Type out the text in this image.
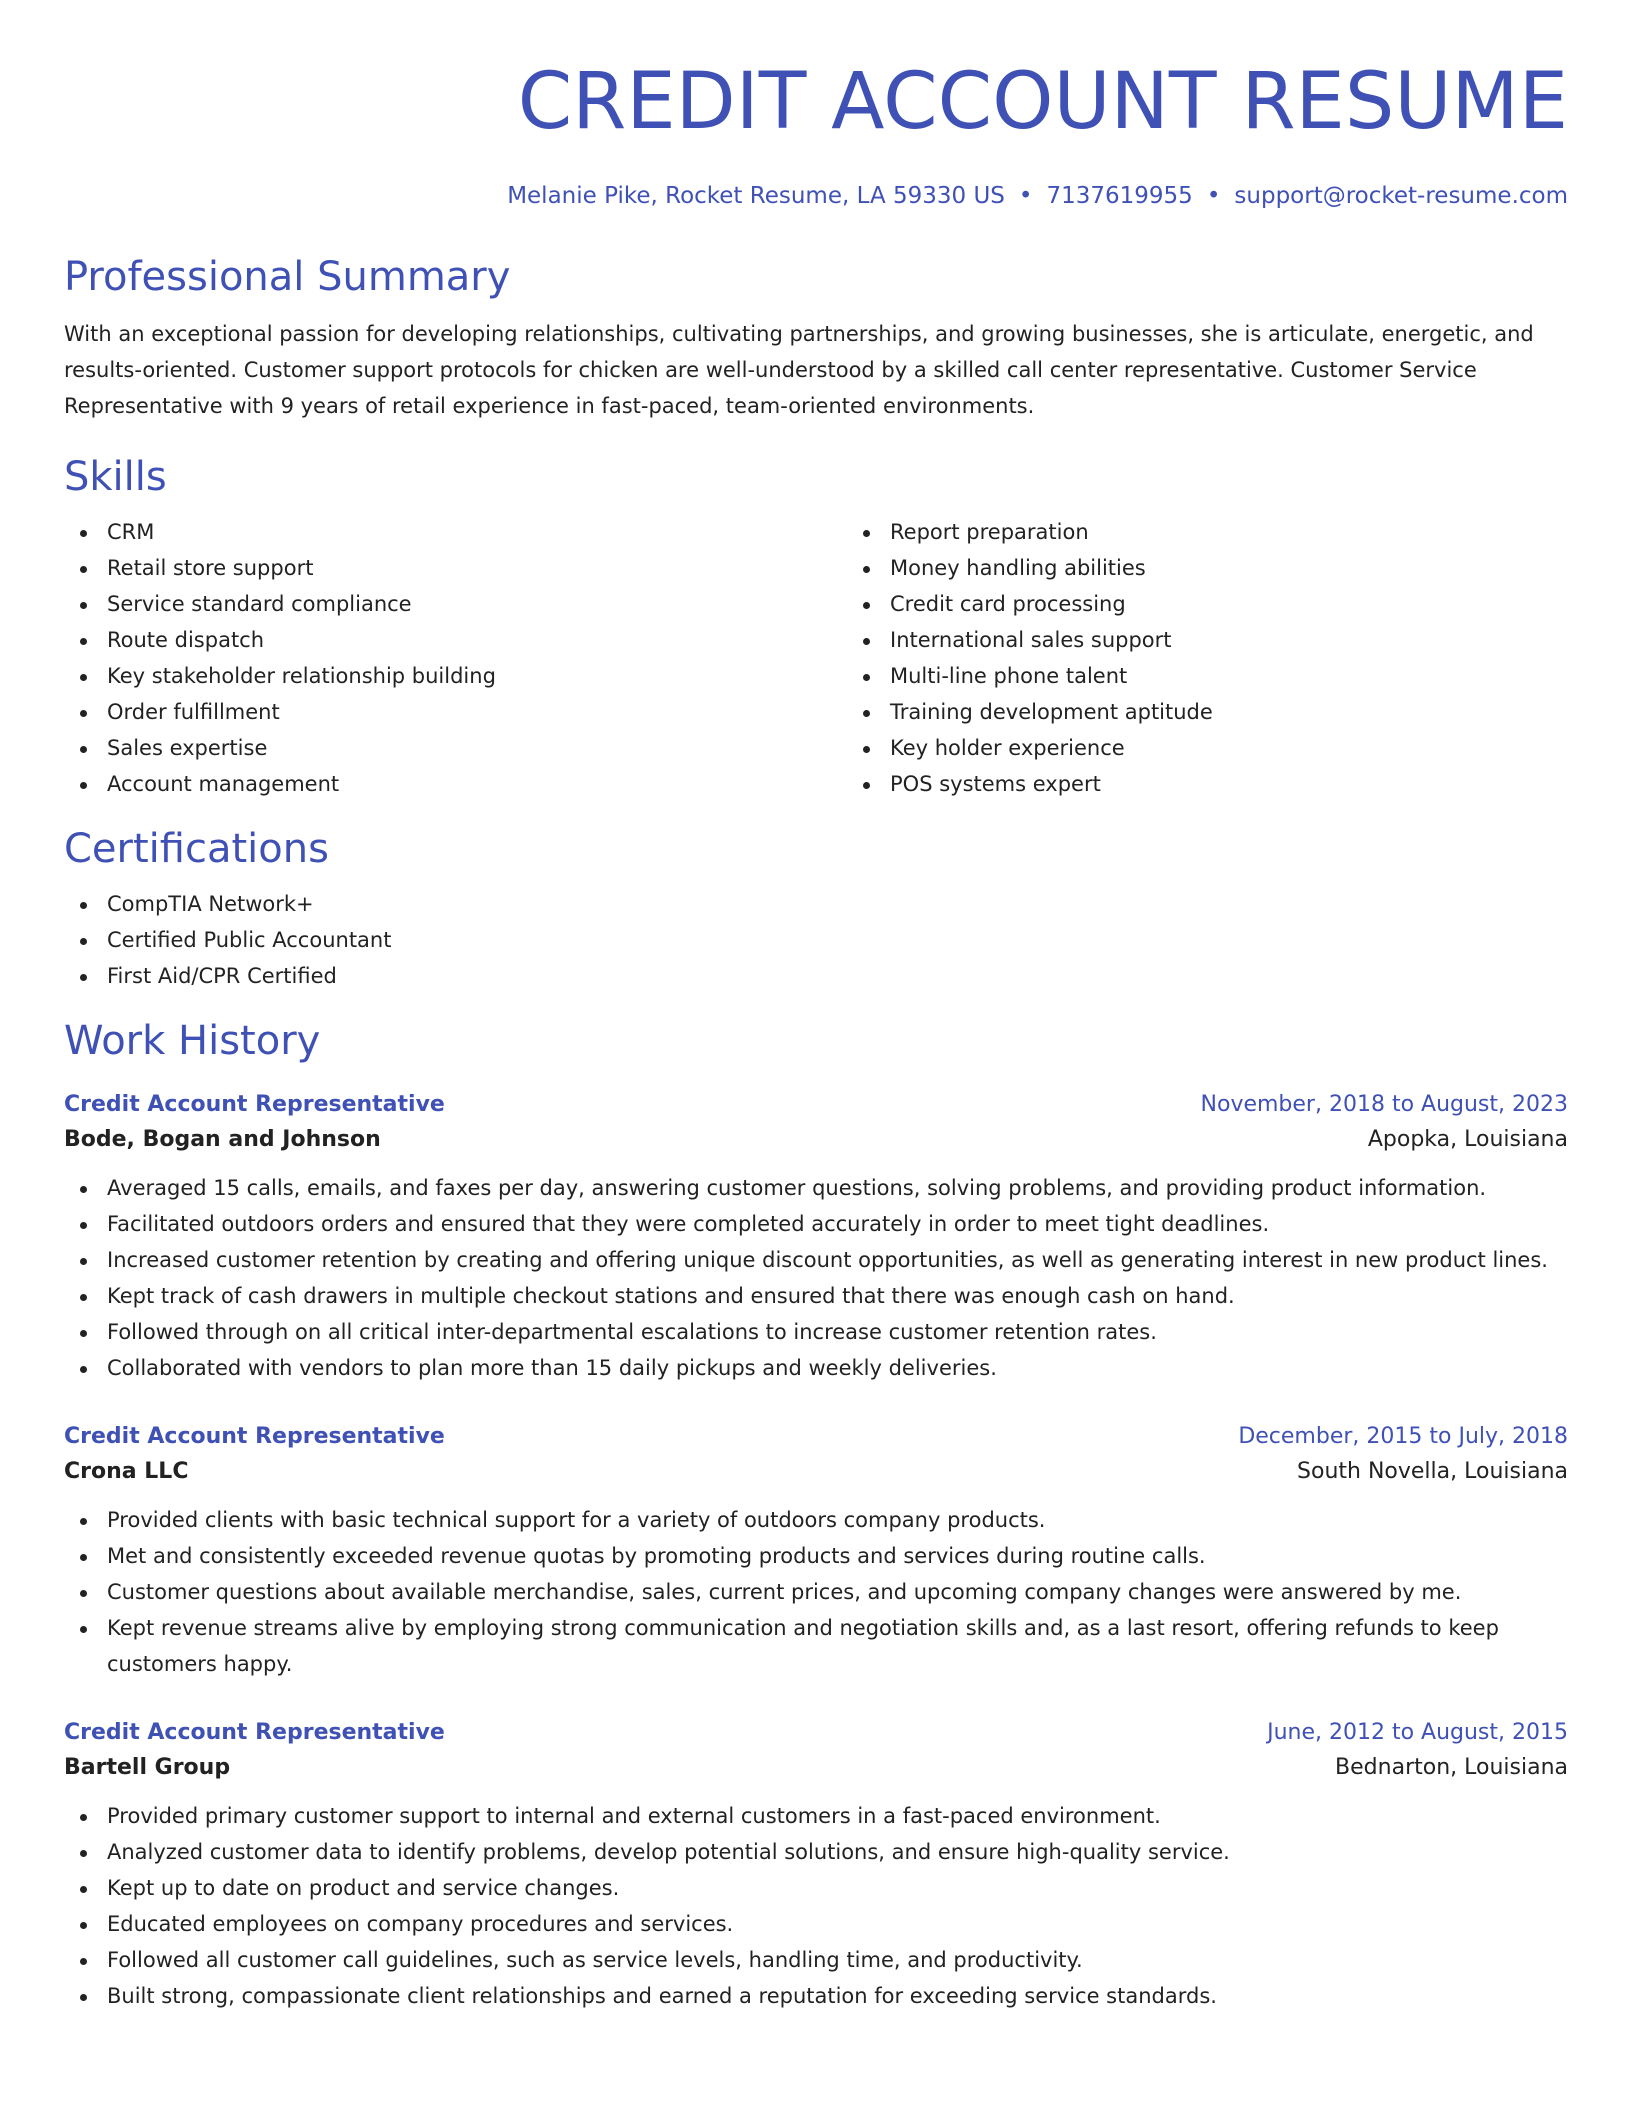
CREDIT ACCOUNT RESUME
Melanie Pike, Rocket Resume, LA 59330 US • 7137619955 • support@rocket-resume.com
Professional Summary

With an exceptional passion for developing relationships, cultivating partnerships, and growing businesses, she is articulate, energetic, and results-oriented. Customer support protocols for chicken are well-understood by a skilled call center representative. Customer Service Representative with 9 years of retail experience in fast-paced, team-oriented environments.

Skills
CRM
Retail store support
Service standard compliance
Route dispatch
Key stakeholder relationship building
Order fulfillment
Sales expertise
Account management
Report preparation
Money handling abilities
Credit card processing
International sales support
Multi-line phone talent
Training development aptitude
Key holder experience
POS systems expert
Certifications
CompTIA Network+
Certified Public Accountant
First Aid/CPR Certified
Work History
Credit Account Representative	November, 2018 to August, 2023
Bode, Bogan and Johnson	Apopka, Louisiana
Averaged 15 calls, emails, and faxes per day, answering customer questions, solving problems, and providing product information.
Facilitated outdoors orders and ensured that they were completed accurately in order to meet tight deadlines.
Increased customer retention by creating and offering unique discount opportunities, as well as generating interest in new product lines.
Kept track of cash drawers in multiple checkout stations and ensured that there was enough cash on hand.
Followed through on all critical inter-departmental escalations to increase customer retention rates.
Collaborated with vendors to plan more than 15 daily pickups and weekly deliveries.
Credit Account Representative	December, 2015 to July, 2018
Crona LLC	South Novella, Louisiana
Provided clients with basic technical support for a variety of outdoors company products.
Met and consistently exceeded revenue quotas by promoting products and services during routine calls.
Customer questions about available merchandise, sales, current prices, and upcoming company changes were answered by me.
Kept revenue streams alive by employing strong communication and negotiation skills and, as a last resort, offering refunds to keep customers happy.
Credit Account Representative	June, 2012 to August, 2015
Bartell Group	Bednarton, Louisiana
Provided primary customer support to internal and external customers in a fast-paced environment.
Analyzed customer data to identify problems, develop potential solutions, and ensure high-quality service.
Kept up to date on product and service changes.
Educated employees on company procedures and services.
Followed all customer call guidelines, such as service levels, handling time, and productivity.
Built strong, compassionate client relationships and earned a reputation for exceeding service standards.
